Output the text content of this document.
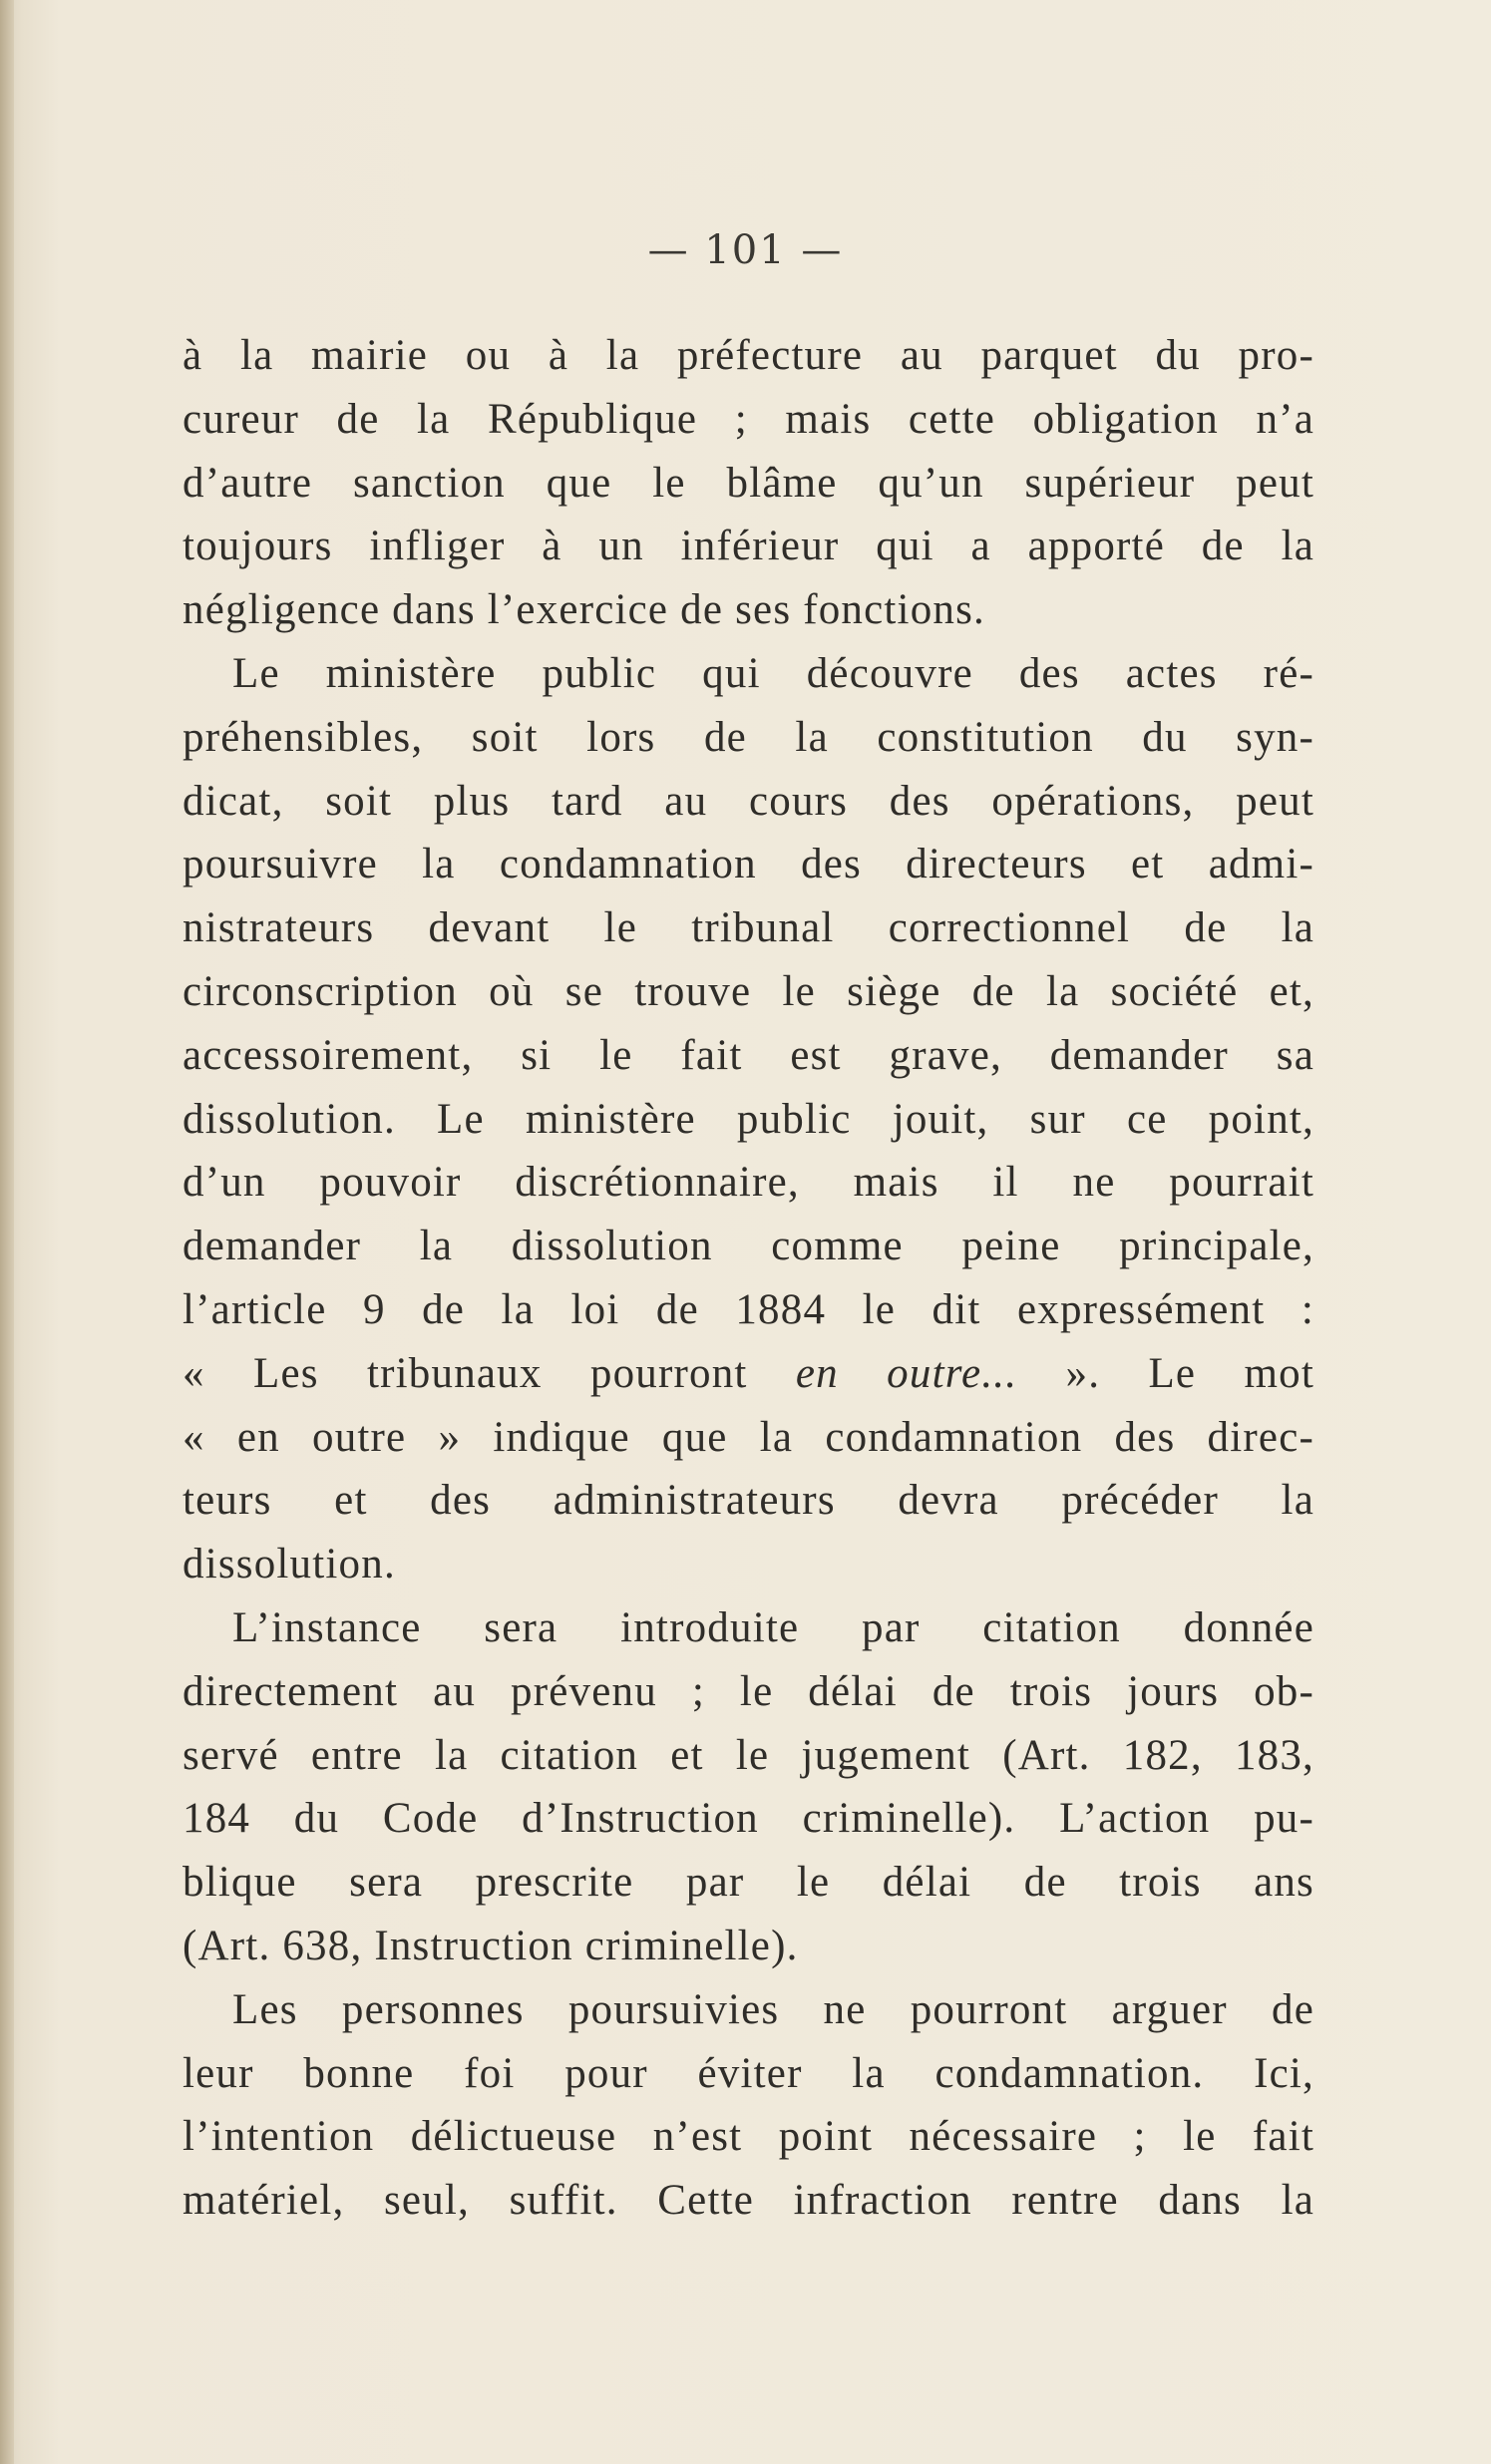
— 101 —
à la mairie ou à la préfecture au parquet du pro-
cureur de la République ; mais cette obligation n’a
d’autre sanction que le blâme qu’un supérieur peut
toujours infliger à un inférieur qui a apporté de la
négligence dans l’exercice de ses fonctions.
Le ministère public qui découvre des actes ré-
préhensibles, soit lors de la constitution du syn-
dicat, soit plus tard au cours des opérations, peut
poursuivre la condamnation des directeurs et admi-
nistrateurs devant le tribunal correctionnel de la
circonscription où se trouve le siège de la société et,
accessoirement, si le fait est grave, demander sa
dissolution. Le ministère public jouit, sur ce point,
d’un pouvoir discrétionnaire, mais il ne pourrait
demander la dissolution comme peine principale,
l’article 9 de la loi de 1884 le dit expressément :
« Les tribunaux pourront en outre... ». Le mot
« en outre » indique que la condamnation des direc-
teurs et des administrateurs devra précéder la
dissolution.
L’instance sera introduite par citation donnée
directement au prévenu ; le délai de trois jours ob-
servé entre la citation et le jugement (Art. 182, 183,
184 du Code d’Instruction criminelle). L’action pu-
blique sera prescrite par le délai de trois ans
(Art. 638, Instruction criminelle).
Les personnes poursuivies ne pourront arguer de
leur bonne foi pour éviter la condamnation. Ici,
l’intention délictueuse n’est point nécessaire ; le fait
matériel, seul, suffit. Cette infraction rentre dans la
